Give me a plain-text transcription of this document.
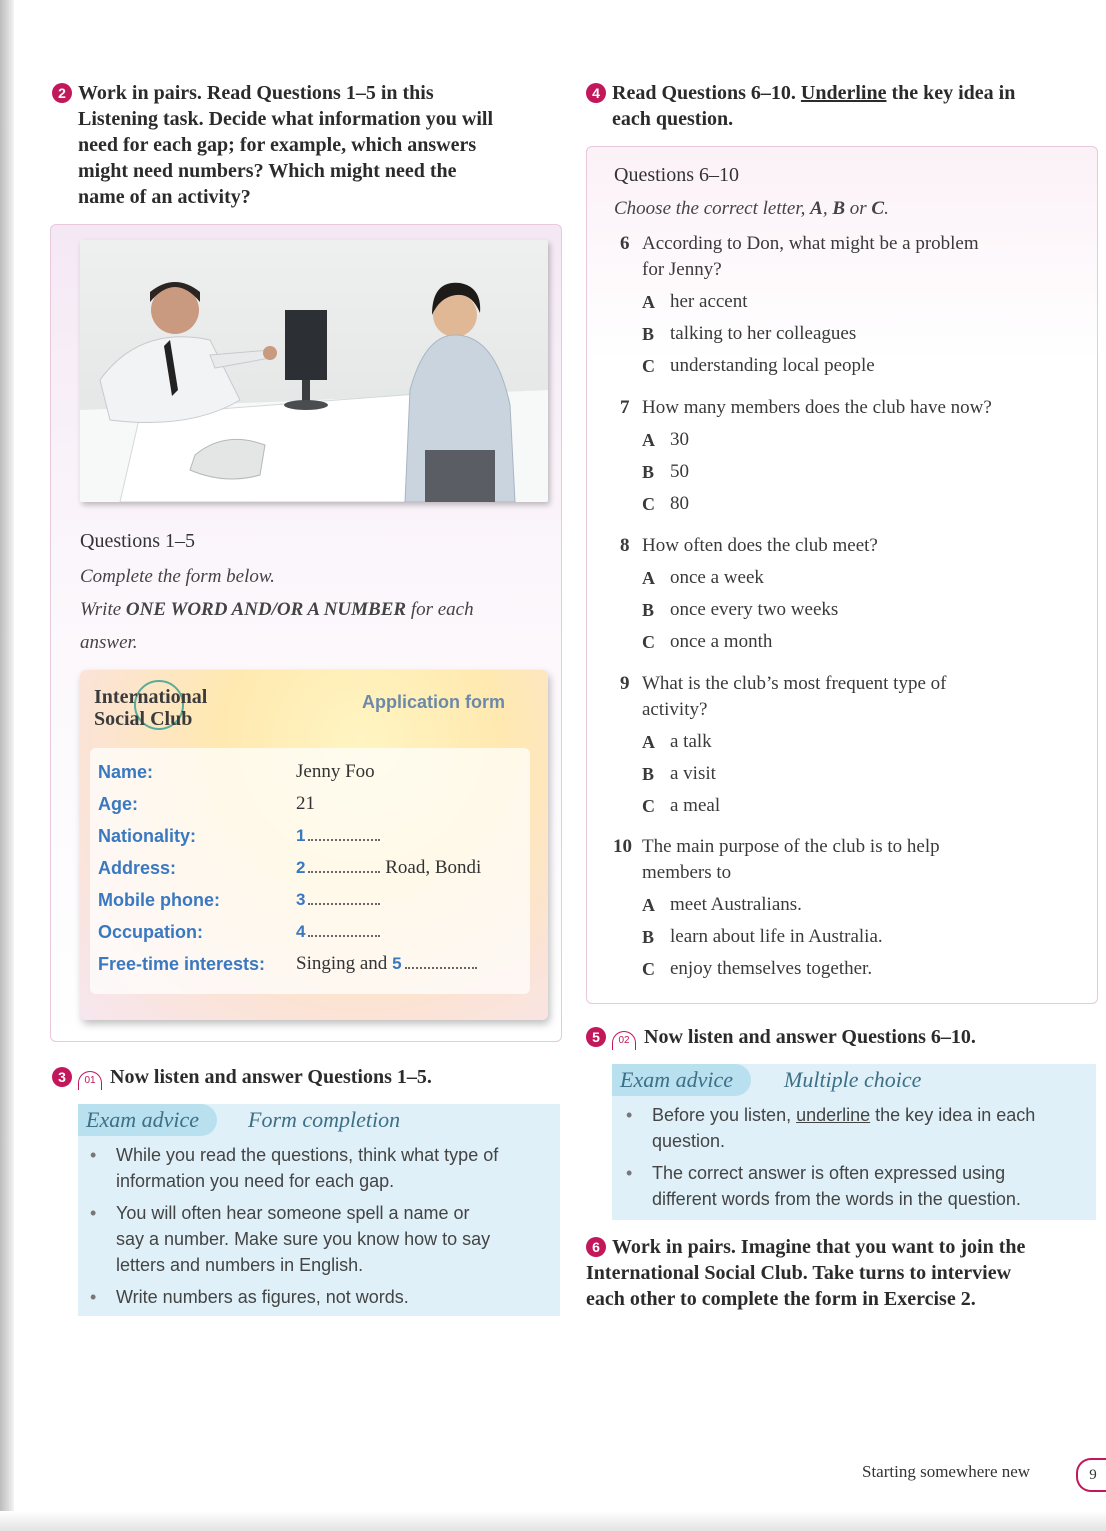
2 Work in pairs. Read Questions 1–5 in this
Listening task. Decide what information you will
need for each gap; for example, which answers
might need numbers? Which might need the
name of an activity?
Questions 1–5
Complete the form below.
Write ONE WORD AND/OR A NUMBER for each
answer.
International
Social Club
Application form
Name:	Jenny Foo
Age:	21
Nationality:	1
Address:	2	Road, Bondi
Mobile phone:	3
Occupation:	4
Free-time interests: Singing and 5
3 01 Now listen and answer Questions 1–5.
Exam advice	Form completion
• While you read the questions, think what type of
information you need for each gap.
• You will often hear someone spell a name or
say a number. Make sure you know how to say
letters and numbers in English.
• Write numbers as figures, not words.
4 Read Questions 6–10. Underline the key idea in
each question.
Questions 6–10
Choose the correct letter, A, B or C.
6 According to Don, what might be a problem
for Jenny?
A her accent
B talking to her colleagues
C understanding local people
7 How many members does the club have now?
A 30
B 50
C 80
8 How often does the club meet?
A once a week
B once every two weeks
C once a month
9 What is the club’s most frequent type of
activity?
A a talk
B a visit
C a meal
10 The main purpose of the club is to help
members to
A meet Australians.
B learn about life in Australia.
C enjoy themselves together.
5 02 Now listen and answer Questions 6–10.
Exam advice	Multiple choice
• Before you listen, underline the key idea in each
question.
• The correct answer is often expressed using
different words from the words in the question.
6 Work in pairs. Imagine that you want to join the
International Social Club. Take turns to interview
each other to complete the form in Exercise 2.
Starting somewhere new	9
